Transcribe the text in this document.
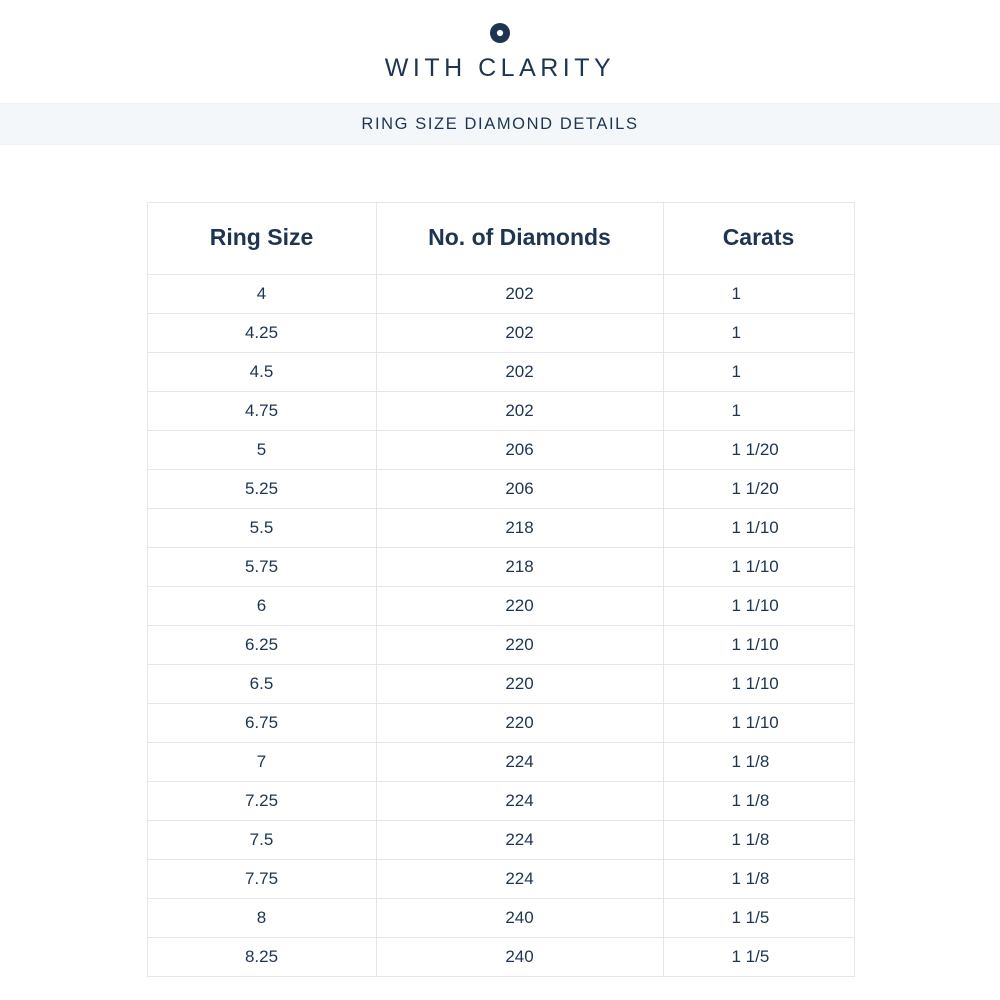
WITH CLARITY
RING SIZE DIAMOND DETAILS
Ring Size	No. of Diamonds	Carats
4	202	1
4.25	202	1
4.5	202	1
4.75	202	1
5	206	1 1/20
5.25	206	1 1/20
5.5	218	1 1/10
5.75	218	1 1/10
6	220	1 1/10
6.25	220	1 1/10
6.5	220	1 1/10
6.75	220	1 1/10
7	224	1 1/8
7.25	224	1 1/8
7.5	224	1 1/8
7.75	224	1 1/8
8	240	1 1/5
8.25	240	1 1/5
